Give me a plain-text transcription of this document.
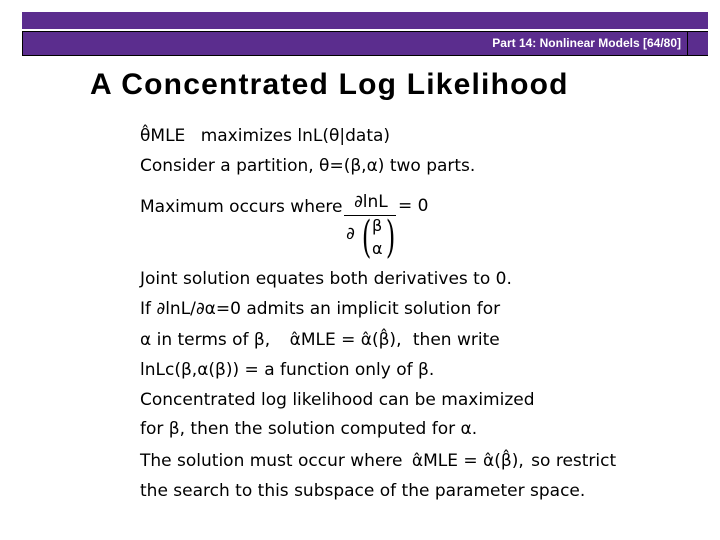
Part 14: Nonlinear Models [64/80]
A Concentrated Log Likelihood
θ̂MLE maximizes lnL(θ|data)
Consider a partition, θ=(β,α) two parts.
Maximum occurs where ∂lnL
∂ ( β
α )
= 0
Joint solution equates both derivatives to 0.
If ∂lnL/∂α=0 admits an implicit solution for
α in terms of β, α̂MLE = α̂(β̂), then write
lnLc(β,α(β)) = a function only of β.
Concentrated log likelihood can be maximized
for β, then the solution computed for α.
The solution must occur where α̂MLE = α̂(β̂), so restrict
the search to this subspace of the parameter space.
